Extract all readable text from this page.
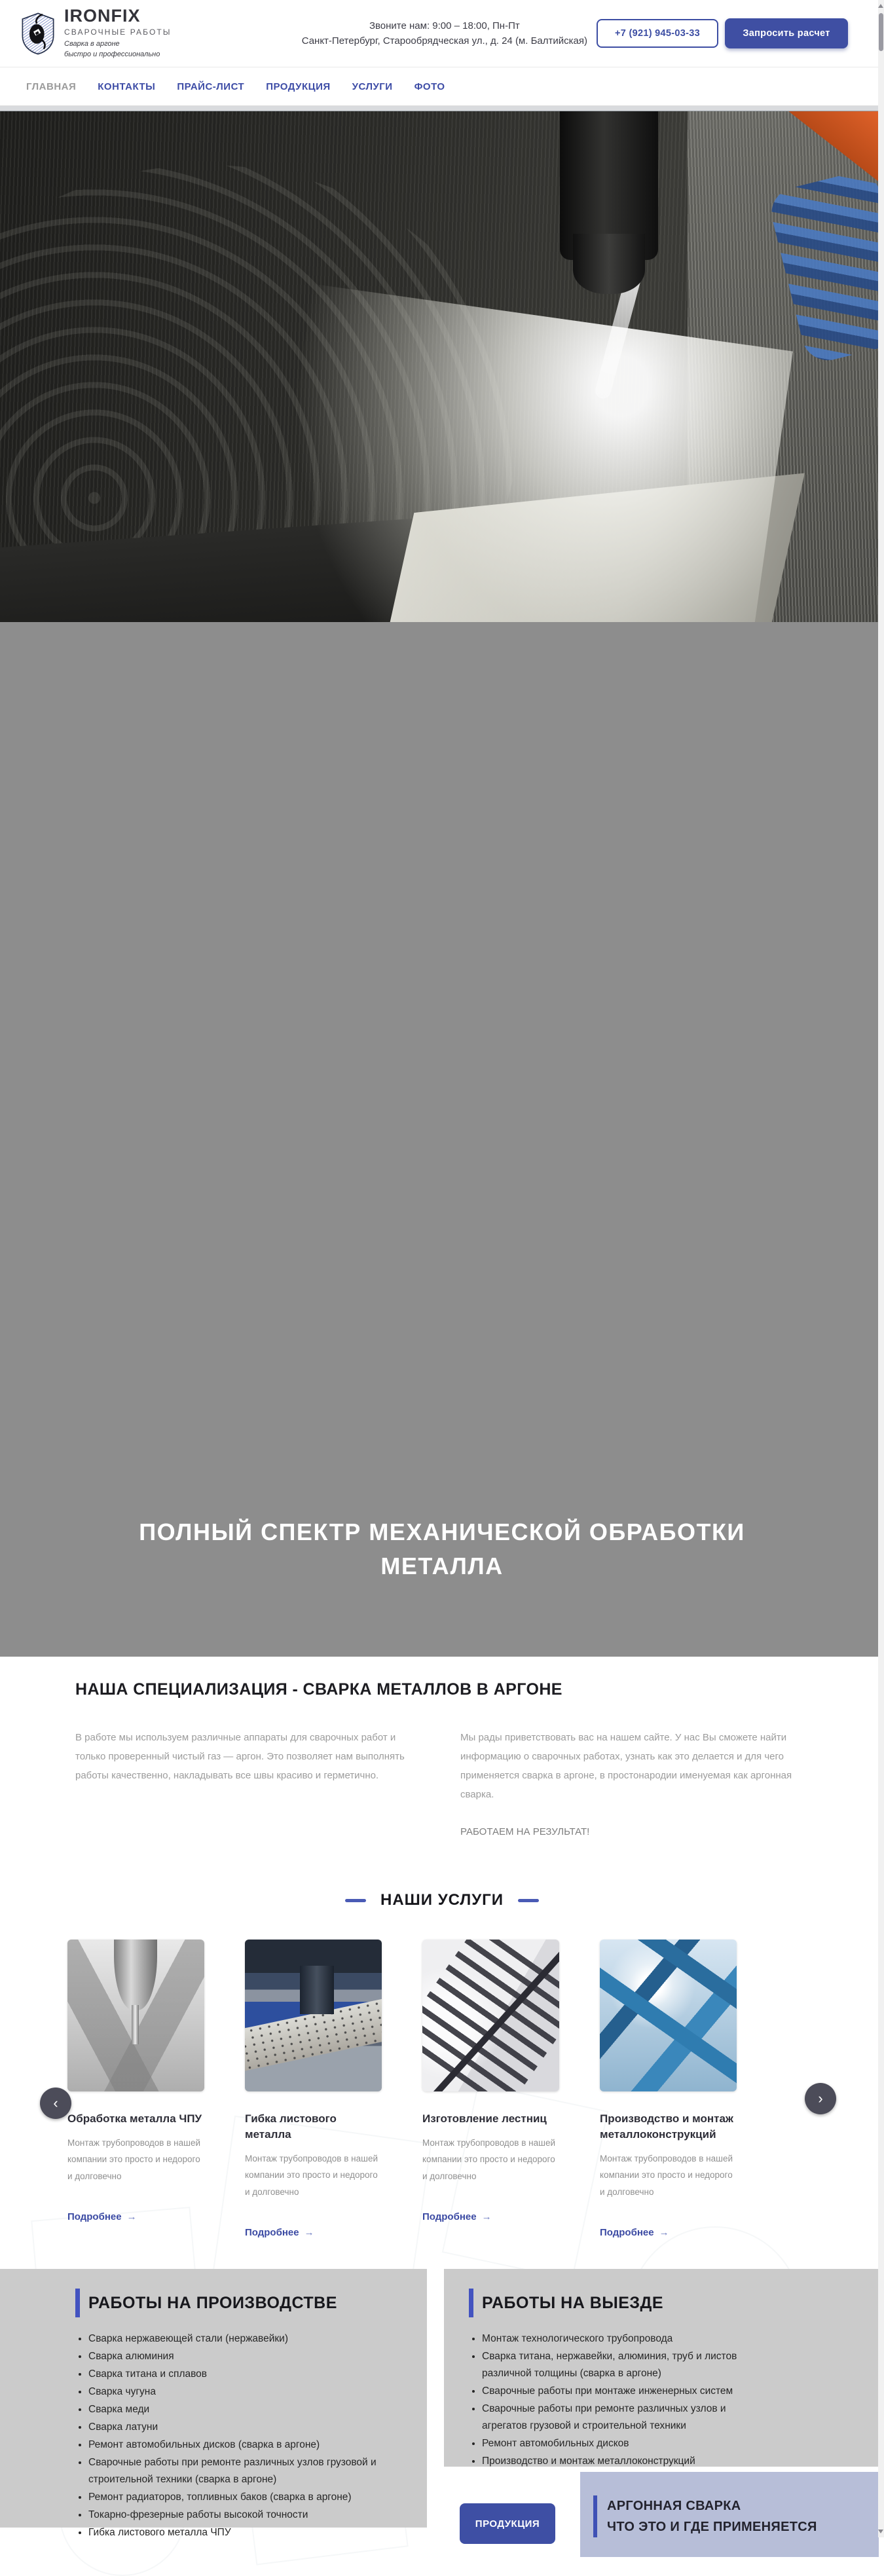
IRONFIX
СВАРОЧНЫЕ РАБОТЫ
Сварка в аргоне
быстро и профессионально
Звоните нам: 9:00 – 18:00, Пн-Пт
Санкт-Петербург, Старообрядческая ул., д. 24 (м. Балтийская)
+7 (921) 945-03-33	Запросить расчет
ГЛАВНАЯ КОНТАКТЫ ПРАЙС-ЛИСТ ПРОДУКЦИЯ УСЛУГИ ФОТО
ПОЛНЫЙ СПЕКТР МЕХАНИЧЕСКОЙ ОБРАБОТКИ
МЕТАЛЛА
НАША СПЕЦИАЛИЗАЦИЯ - СВАРКА МЕТАЛЛОВ В АРГОНЕ
В работе мы используем различные аппараты для сварочных работ и только проверенный чистый газ — аргон. Это позволяет нам выполнять работы качественно, накладывать все швы красиво и герметично.
Мы рады приветствовать вас на нашем сайте. У нас Вы сможете найти информацию о сварочных работах, узнать как это делается и для чего применяется сварка в аргоне, в простонародии именуемая как аргонная сварка.
РАБОТАЕМ НА РЕЗУЛЬТАТ!
НАШИ УСЛУГИ
Обработка металла ЧПУ
Монтаж трубопроводов в нашей компании это просто и недорого и долговечно
Подробнее →
Гибка листового металла
Монтаж трубопроводов в нашей компании это просто и недорого и долговечно
Подробнее →
Изготовление лестниц
Монтаж трубопроводов в нашей компании это просто и недорого и долговечно
Подробнее →
Производство и монтаж металлоконструкций
Монтаж трубопроводов в нашей компании это просто и недорого и долговечно
Подробнее →
‹	›
РАБОТЫ НА ПРОИЗВОДСТВЕ
• Сварка нержавеющей стали (нержавейки)
• Сварка алюминия
• Сварка титана и сплавов
• Сварка чугуна
• Сварка меди
• Сварка латуни
• Ремонт автомобильных дисков (сварка в аргоне)
• Сварочные работы при ремонте различных узлов грузовой и строительной техники (сварка в аргоне)
• Ремонт радиаторов, топливных баков (сварка в аргоне)
• Токарно-фрезерные работы высокой точности
• Гибка листового металла ЧПУ
РАБОТЫ НА ВЫЕЗДЕ
• Монтаж технологического трубопровода
• Сварка титана, нержавейки, алюминия, труб и листов различной толщины (сварка в аргоне)
• Сварочные работы при монтаже инженерных систем
• Сварочные работы при ремонте различных узлов и агрегатов грузовой и строительной техники
• Ремонт автомобильных дисков
• Производство и монтаж металлоконструкций
ПРОДУКЦИЯ
АРГОННАЯ СВАРКА
ЧТО ЭТО И ГДЕ ПРИМЕНЯЕТСЯ
